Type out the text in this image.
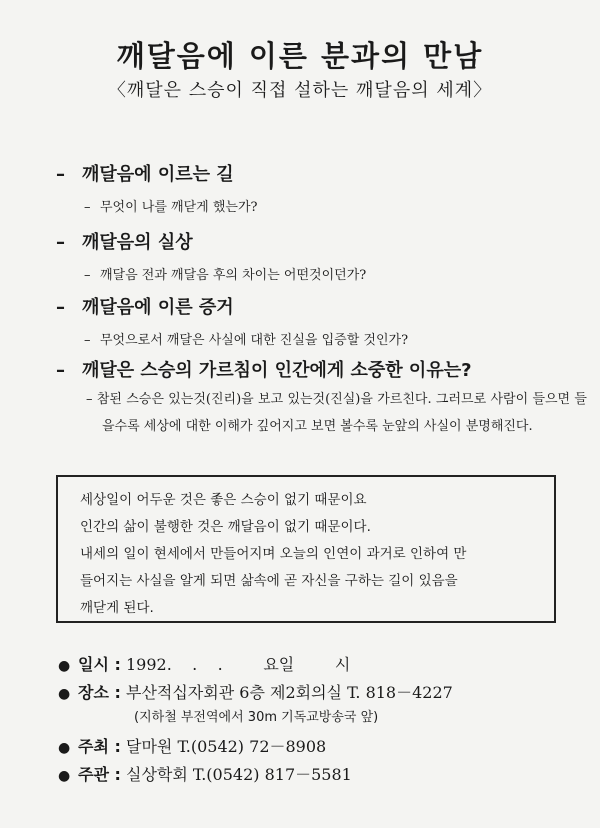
깨달음에 이른 분과의 만남
〈깨달은 스승이 직접 설하는 깨달음의 세계〉
– 깨달음에 이르는 길
– 무엇이 나를 깨닫게 했는가?
– 깨달음의 실상
– 깨달음 전과 깨달음 후의 차이는 어떤것이던가?
– 깨달음에 이른 증거
– 무엇으로서 깨달은 사실에 대한 진실을 입증할 것인가?
– 깨달은 스승의 가르침이 인간에게 소중한 이유는?
– 참된 스승은 있는것(진리)을 보고 있는것(진실)을 가르친다. 그러므로 사람이 들으면 들을수록 세상에 대한 이해가 깊어지고 보면 볼수록 눈앞의 사실이 분명해진다.

세상일이 어두운 것은 좋은 스승이 없기 때문이요

인간의 삶이 불행한 것은 깨달음이 없기 때문이다.

내세의 일이 현세에서 만들어지며 오늘의 인연이 과거로 인하여 만

들어지는 사실을 알게 되면 삶속에 곧 자신을 구하는 길이 있음을

깨닫게 된다.

● 일시 : 1992.    .    .        요일        시
● 장소 : 부산적십자회관 6층 제2회의실 T. 818－4227
(지하철 부전역에서 30m 기독교방송국 앞)
● 주최 : 달마원 T.(0542) 72－8908
● 주관 : 실상학회 T.(0542) 817－5581
